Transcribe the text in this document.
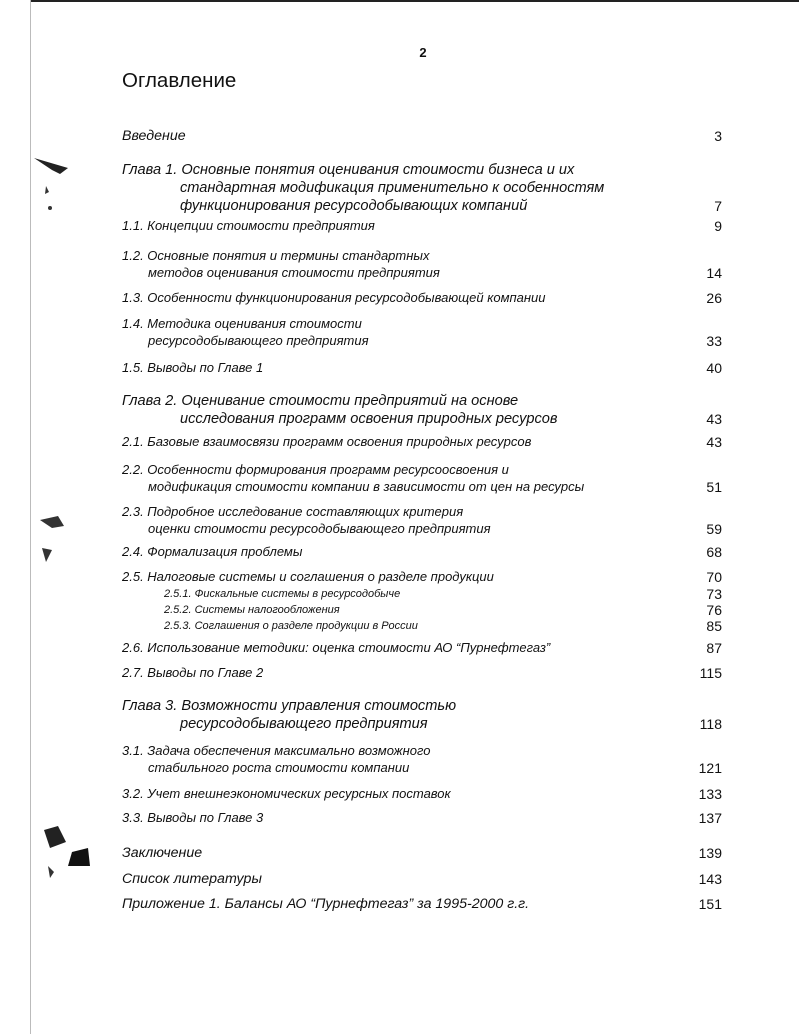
2
Оглавление
Введение	3
Глава 1. Основные понятия оценивания стоимости бизнеса и их
стандартная модификация применительно к особенностям
функционирования ресурсодобывающих компаний	7
1.1. Концепции стоимости предприятия	9
1.2. Основные понятия и термины стандартных
методов оценивания стоимости предприятия	14
1.3. Особенности функционирования ресурсодобывающей компании	26
1.4. Методика оценивания стоимости
ресурсодобывающего предприятия	33
1.5. Выводы по Главе 1	40
Глава 2. Оценивание стоимости предприятий на основе
исследования программ освоения природных ресурсов	43
2.1. Базовые взаимосвязи программ освоения природных ресурсов	43
2.2. Особенности формирования программ ресурсоосвоения и
модификация стоимости компании в зависимости от цен на ресурсы	51
2.3. Подробное исследование составляющих критерия
оценки стоимости ресурсодобывающего предприятия	59
2.4. Формализация проблемы	68
2.5. Налоговые системы и соглашения о разделе продукции	70
2.5.1. Фискальные системы в ресурсодобыче	73
2.5.2. Системы налогообложения	76
2.5.3. Соглашения о разделе продукции в России	85
2.6. Использование методики: оценка стоимости АО “Пурнефтегаз”	87
2.7. Выводы по Главе 2	115
Глава 3. Возможности управления стоимостью
ресурсодобывающего предприятия	118
3.1. Задача обеспечения максимально возможного
стабильного роста стоимости компании	121
3.2. Учет внешнеэкономических ресурсных поставок	133
3.3. Выводы по Главе 3	137
Заключение	139
Список литературы	143
Приложение 1. Балансы АО “Пурнефтегаз” за 1995-2000 г.г.	151
